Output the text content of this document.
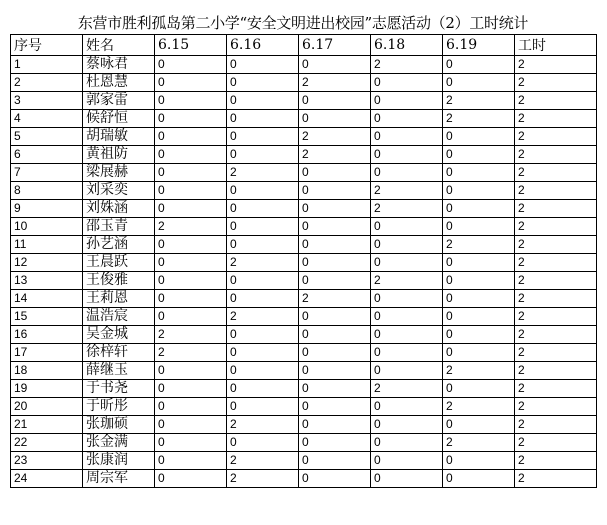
东营市胜利孤岛第二小学“安全文明进出校园”志愿活动（2）工时统计
序号	姓名	6.15	6.16	6.17	6.18	6.19	工时
1	蔡咏君	0	0	0	2	0	2
2	杜恩慧	0	0	2	0	0	2
3	郭家雷	0	0	0	0	2	2
4	候舒恒	0	0	0	0	2	2
5	胡瑞敏	0	0	2	0	0	2
6	黄祖防	0	0	2	0	0	2
7	梁展赫	0	2	0	0	0	2
8	刘采奕	0	0	0	2	0	2
9	刘姝涵	0	0	0	2	0	2
10	邵玉青	2	0	0	0	0	2
11	孙艺涵	0	0	0	0	2	2
12	王晨跃	0	2	0	0	0	2
13	王俊雅	0	0	0	2	0	2
14	王莉恩	0	0	2	0	0	2
15	温浩宸	0	2	0	0	0	2
16	吴金城	2	0	0	0	0	2
17	徐梓轩	2	0	0	0	0	2
18	薛继玉	0	0	0	0	2	2
19	于书尧	0	0	0	2	0	2
20	于昕彤	0	0	0	0	2	2
21	张珈硕	0	2	0	0	0	2
22	张金满	0	0	0	0	2	2
23	张康润	0	2	0	0	0	2
24	周宗军	0	2	0	0	0	2
